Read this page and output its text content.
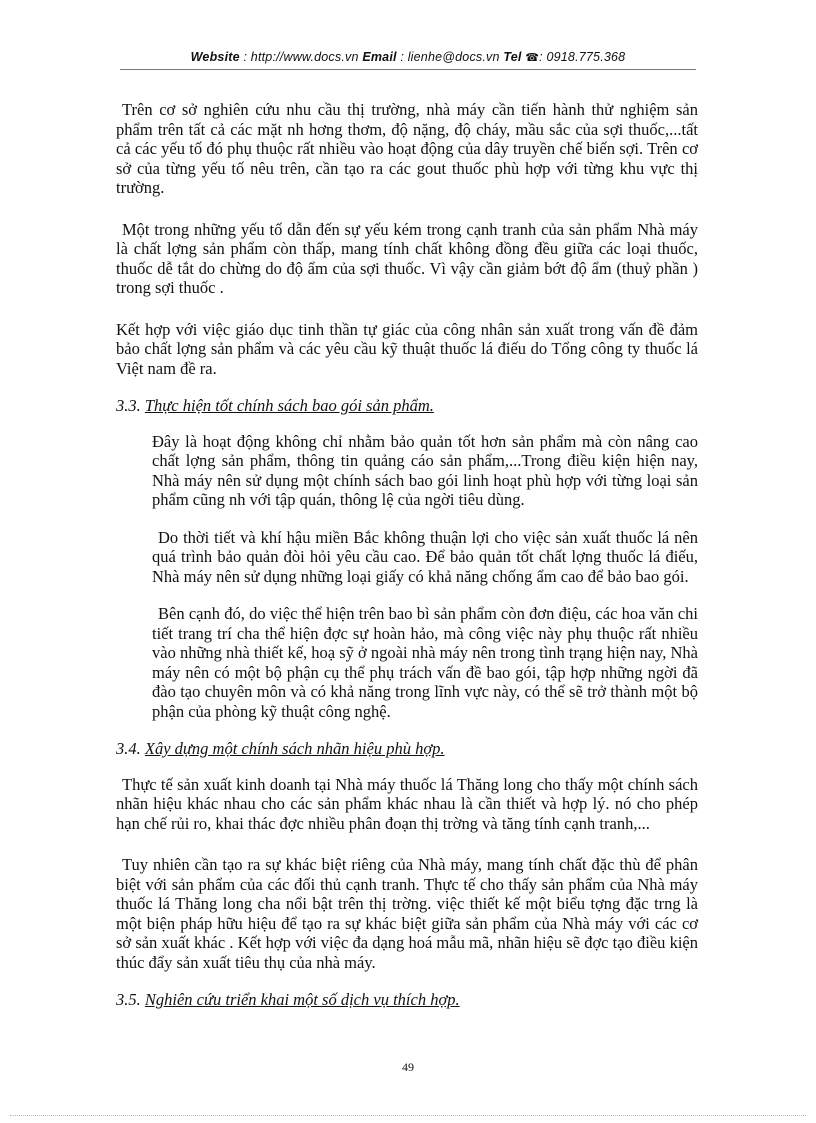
Website : http://www.docs.vn Email : lienhe@docs.vn Tel ☎: 0918.775.368

Trên cơ sở nghiên cứu nhu cầu thị trường, nhà máy cần tiến hành thử nghiệm sản phẩm trên tất cả các mặt nh hơng thơm, độ nặng, độ cháy, mầu sắc của sợi thuốc,...tất cả các yếu tố đó phụ thuộc rất nhiều vào hoạt động của dây truyền chế biến sợi. Trên cơ sở của từng yếu tố nêu trên, cần tạo ra các gout thuốc phù hợp với từng khu vực thị trường.

Một trong những yếu tố dẫn đến sự yếu kém trong cạnh tranh của sản phẩm Nhà máy là chất lợng sản phẩm còn thấp, mang tính chất không đồng đều giữa các loại thuốc, thuốc dễ tắt do chừng do độ ẩm của sợi thuốc. Vì vậy cần giảm bớt độ ẩm (thuỷ phần ) trong sợi thuốc .

Kết hợp với việc giáo dục tinh thần tự giác của công nhân sản xuất trong vấn đề đảm bảo chất lợng sản phẩm và các yêu cầu kỹ thuật thuốc lá điếu do Tổng công ty thuốc lá Việt nam đề ra.

3.3. Thực hiện tốt chính sách bao gói sản phẩm.

Đây là hoạt động không chỉ nhằm bảo quản tốt hơn sản phẩm mà còn nâng cao chất lợng sản phẩm, thông tin quảng cáo sản phẩm,...Trong điều kiện hiện nay, Nhà máy nên sử dụng một chính sách bao gói linh hoạt phù hợp với từng loại sản phẩm cũng nh với tập quán, thông lệ của ngời tiêu dùng.

Do thời tiết và khí hậu miền Bắc không thuận lợi cho việc sản xuất thuốc lá nên quá trình bảo quản đòi hỏi yêu cầu cao. Để bảo quản tốt chất lợng thuốc lá điếu, Nhà máy nên sử dụng những loại giấy có khả năng chống ẩm cao để bảo bao gói.

Bên cạnh đó, do việc thể hiện trên bao bì sản phẩm còn đơn điệu, các hoa văn chi tiết trang trí cha thể hiện đợc sự hoàn hảo, mà công việc này phụ thuộc rất nhiều vào những nhà thiết kế, hoạ sỹ ở ngoài nhà máy nên trong tình trạng hiện nay, Nhà máy nên có một bộ phận cụ thể phụ trách vấn đề bao gói, tập hợp những ngời đã đào tạo chuyên môn và có khả năng trong lĩnh vực này, có thể sẽ trở thành một bộ phận của phòng kỹ thuật công nghệ.

3.4. Xây dựng một chính sách nhãn hiệu phù hợp.

Thực tế sản xuất kinh doanh tại Nhà máy thuốc lá Thăng long cho thấy một chính sách nhãn hiệu khác nhau cho các sản phẩm khác nhau là cần thiết và hợp lý. nó cho phép hạn chế rủi ro, khai thác đợc nhiều phân đoạn thị trờng và tăng tính cạnh tranh,...

Tuy nhiên cần tạo ra sự khác biệt riêng của Nhà máy, mang tính chất đặc thù để phân biệt với sản phẩm của các đối thủ cạnh tranh. Thực tế cho thấy sản phẩm của Nhà máy thuốc lá Thăng long cha nổi bật trên thị trờng. việc thiết kế một biểu tợng đặc trng là một biện pháp hữu hiệu để tạo ra sự khác biệt giữa sản phẩm của Nhà máy với các cơ sở sản xuất khác . Kết hợp với việc đa dạng hoá mẫu mã, nhãn hiệu sẽ đợc tạo điều kiện thúc đẩy sản xuất tiêu thụ của nhà máy.

3.5. Nghiên cứu triển khai một số dịch vụ thích hợp.
49
